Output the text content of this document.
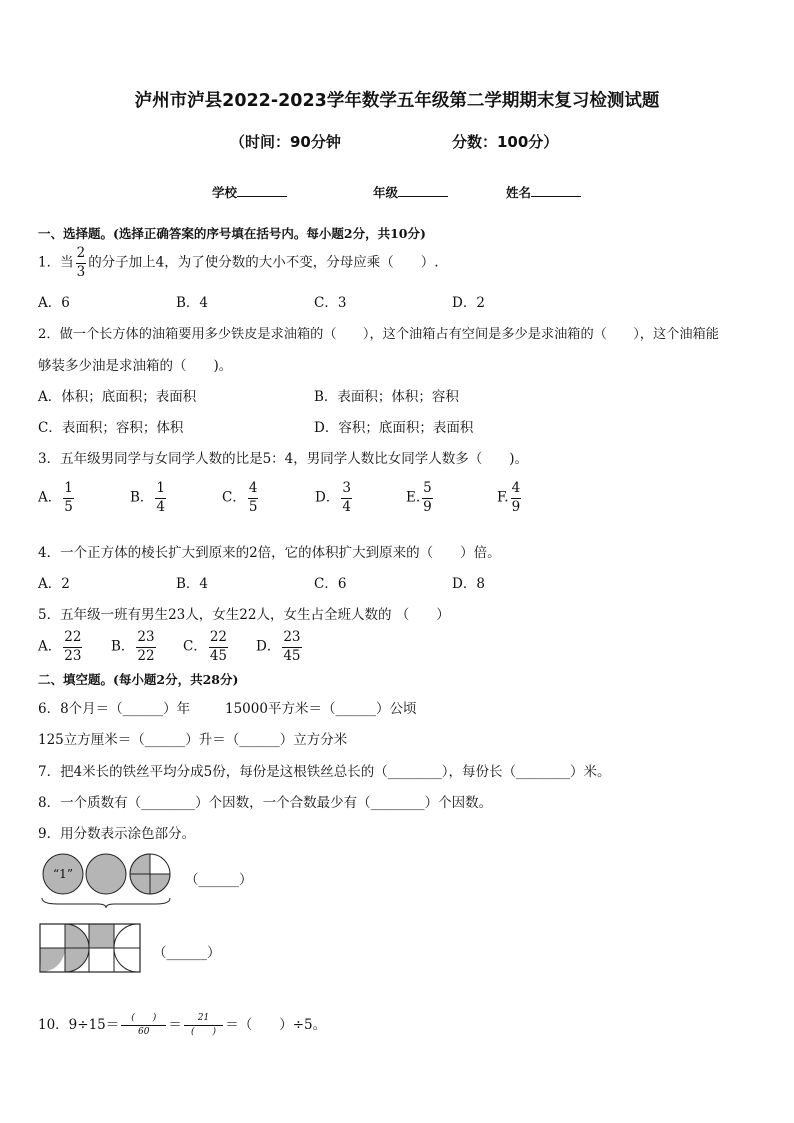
泸州市泸县2022-2023学年数学五年级第二学期期末复习检测试题
（时间：90分钟	分数：100分）
学校	年级	姓名
一、选择题。(选择正确答案的序号填在括号内。每小题2分，共10分)
1．当 $\frac{2}{3}$ 的分子加上4，为了使分数的大小不变，分母应乘（　　）.
A．6	B．4	C．3	D．2
2．做一个长方体的油箱要用多少铁皮是求油箱的（　　），这个油箱占有空间是多少是求油箱的（　　），这个油箱能
够装多少油是求油箱的（　　)。
A．体积；底面积；表面积	B．表面积；体积；容积
C．表面积；容积；体积	D．容积；底面积；表面积
3．五年级男同学与女同学人数的比是5：4，男同学人数比女同学人数多（　　)。
A． $\frac{1}{5}$	B． $\frac{1}{4}$	C． $\frac{4}{5}$	D． $\frac{3}{4}$	E. $\frac{5}{9}$	F. $\frac{4}{9}$
4．一个正方体的棱长扩大到原来的2倍，它的体积扩大到原来的（　　）倍。
A．2	B．4	C．6	D．8
5．五年级一班有男生23人，女生22人，女生占全班人数的 （　　）
A． $\frac{22}{23}$ B． $\frac{23}{22}$ C． $\frac{22}{45}$ D． $\frac{23}{45}$
二、填空题。(每小题2分，共28分)
6．8个月＝（______）年	15000平方米＝（______）公顷
125立方厘米＝（______）升＝（______）立方分米
7．把4米长的铁丝平均分成5份，每份是这根铁丝总长的（________），每份长（________）米。
8．一个质数有（________）个因数，一个合数最少有（________）个因数。
9．用分数表示涂色部分。
“1”	（______）
（______）
10．$9\div 15= \frac{( )}{60} = \frac{21}{( )}$ ＝（　　）÷5。
